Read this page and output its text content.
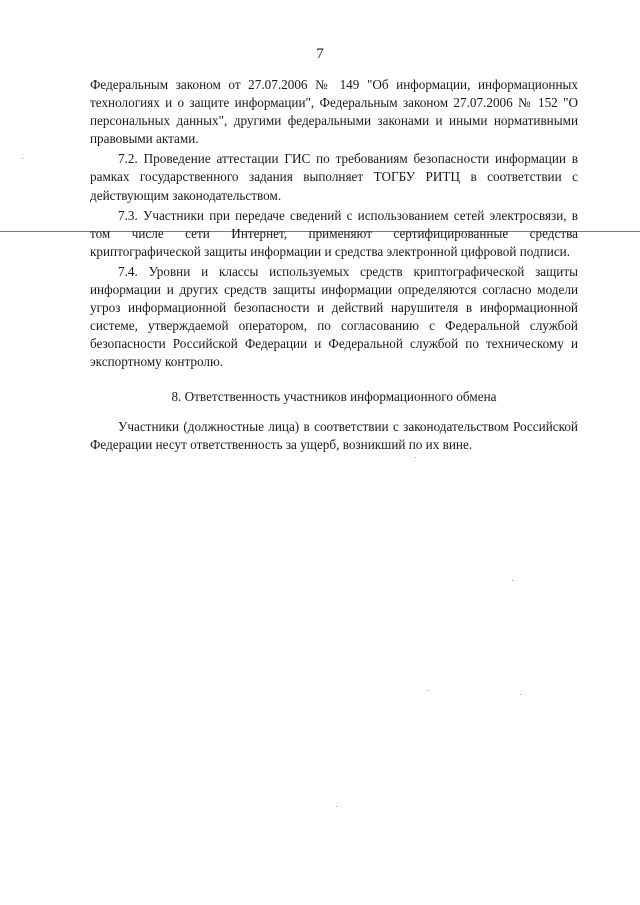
7

Федеральным законом от 27.07.2006 № 149 "Об информации, информационных технологиях и о защите информации", Федеральным законом 27.07.2006 № 152 "О персональных данных", другими федеральными законами и иными нормативными правовыми актами.

7.2. Проведение аттестации ГИС по требованиям безопасности информации в рамках государственного задания выполняет ТОГБУ РИТЦ в соответствии с действующим законодательством.

7.3. Участники при передаче сведений с использованием сетей электросвязи, в том числе сети Интернет, применяют сертифицированные средства криптографической защиты информации и средства электронной цифровой подписи.

7.4. Уровни и классы используемых средств криптографической защиты информации и других средств защиты информации определяются согласно модели угроз информационной безопасности и действий нарушителя в информационной системе, утверждаемой оператором, по согласованию с Федеральной службой безопасности Российской Федерации и Федеральной службой по техническому и экспортному контролю.

8. Ответственность участников информационного обмена

Участники (должностные лица) в соответствии с законодательством Российской Федерации несут ответственность за ущерб, возникший по их вине.
